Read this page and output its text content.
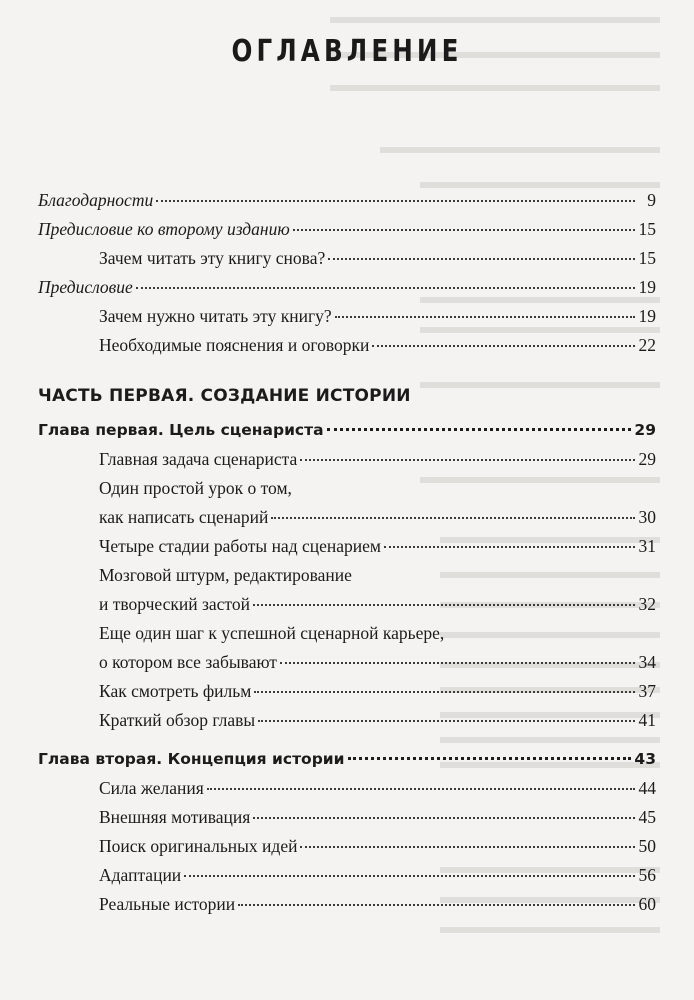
ОГЛАВЛЕНИЕ
Благодарности	9
Предисловие ко второму изданию	15
Зачем читать эту книгу снова?	15
Предисловие	19
Зачем нужно читать эту книгу?	19
Необходимые пояснения и оговорки	22
ЧАСТЬ ПЕРВАЯ. СОЗДАНИЕ ИСТОРИИ
Глава первая. Цель сценариста	29
Главная задача сценариста	29
Один простой урок о том,
как написать сценарий	30
Четыре стадии работы над сценарием	31
Мозговой штурм, редактирование
и творческий застой	32
Еще один шаг к успешной сценарной карьере,
о котором все забывают	34
Как смотреть фильм	37
Краткий обзор главы	41
Глава вторая. Концепция истории	43
Сила желания	44
Внешняя мотивация	45
Поиск оригинальных идей	50
Адаптации	56
Реальные истории	60
